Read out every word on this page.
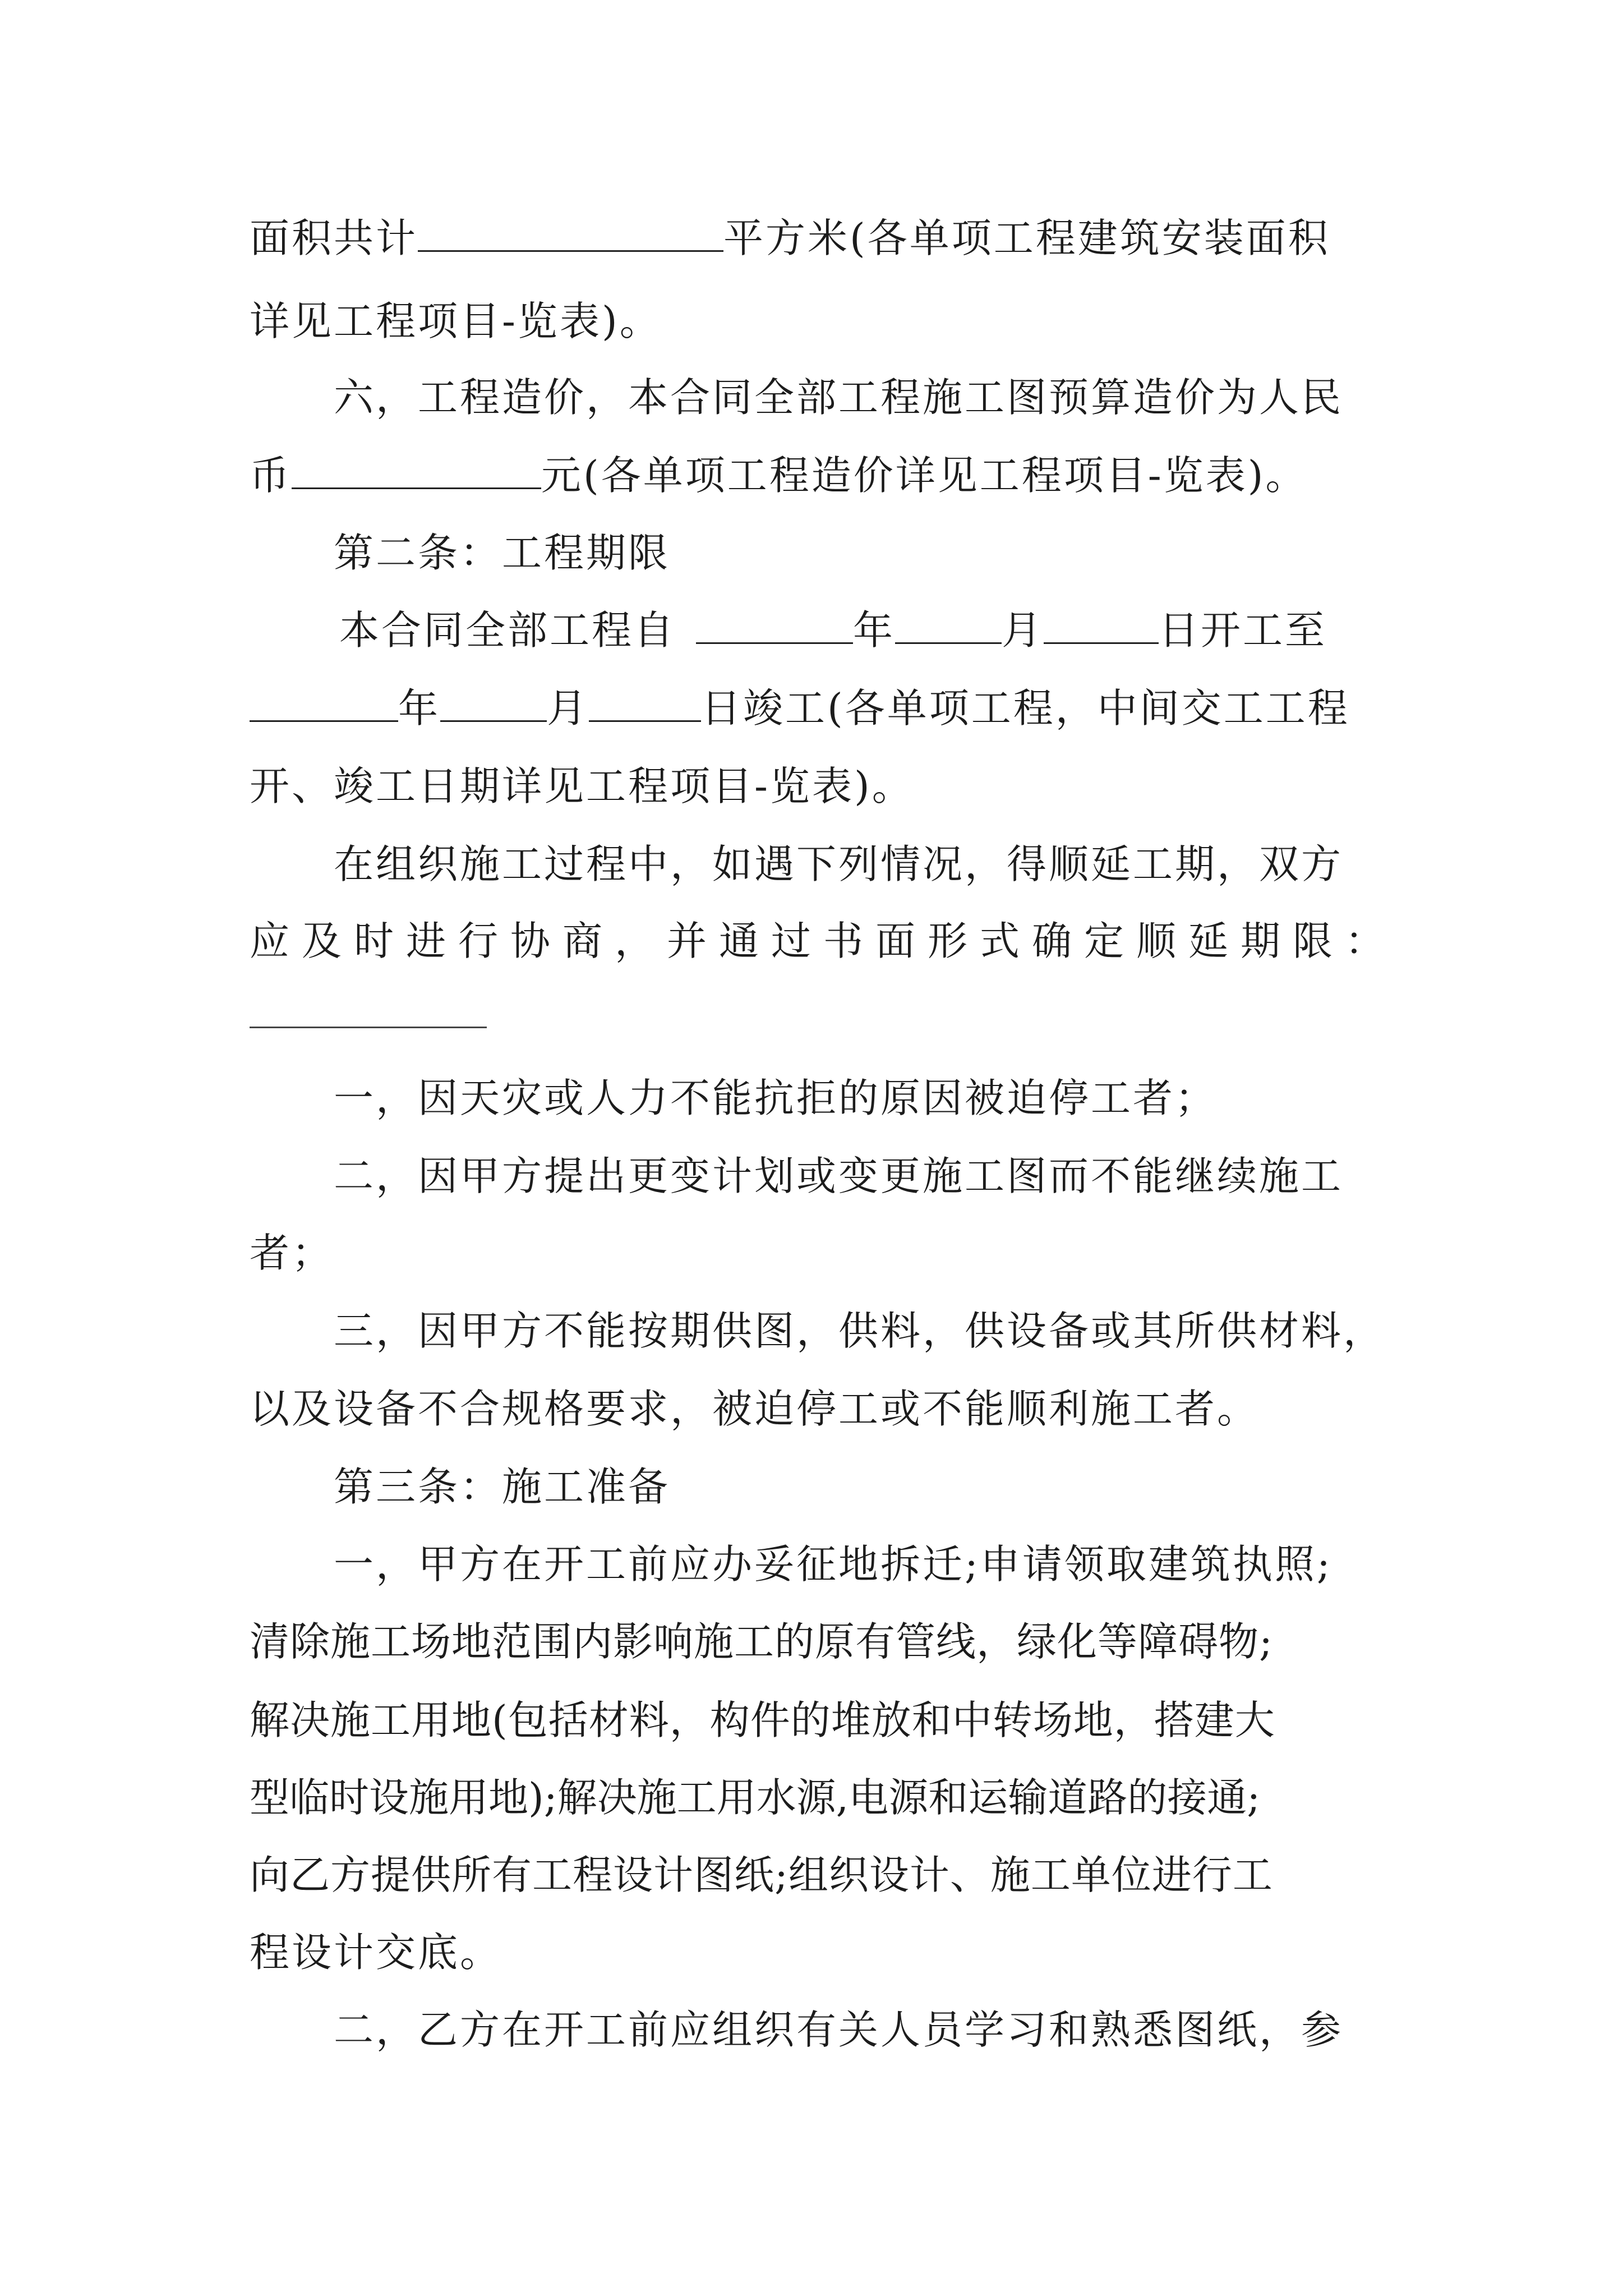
面积共计	平方米(各单项工程建筑安装面积
详见工程项目-览表)。
六，工程造价，本合同全部工程施工图预算造价为人民
币	元(各单项工程造价详见工程项目-览表)。
第二条：工程期限
本合同全部工程自	年	月	日开工至
年	月	日竣工(各单项工程，中间交工工程
开、竣工日期详见工程项目-览表)。
在组织施工过程中，如遇下列情况，得顺延工期，双方
应及时进行协商，并通过书面形式确定顺延期限：
一，因天灾或人力不能抗拒的原因被迫停工者；
二，因甲方提出更变计划或变更施工图而不能继续施工
者；
三，因甲方不能按期供图，供料，供设备或其所供材料，
以及设备不合规格要求，被迫停工或不能顺利施工者。
第三条：施工准备
一，甲方在开工前应办妥征地拆迁;申请领取建筑执照;
清除施工场地范围内影响施工的原有管线，绿化等障碍物;
解决施工用地(包括材料，构件的堆放和中转场地，搭建大
型临时设施用地);解决施工用水源,电源和运输道路的接通;
向乙方提供所有工程设计图纸;组织设计、施工单位进行工
程设计交底。
二，乙方在开工前应组织有关人员学习和熟悉图纸，参
